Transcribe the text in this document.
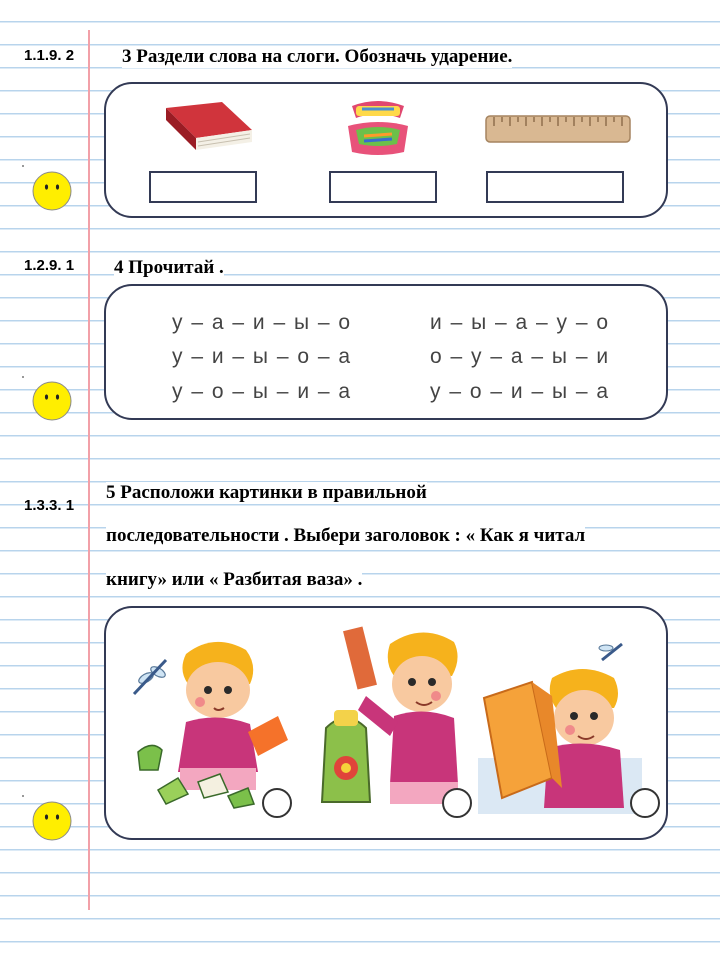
1.1.9. 2	3 Раздели слова на слоги. Обозначь ударение.
1.2.9. 1	4 Прочитай .
у – а – и – ы – о
у – и – ы – о – а
у – о – ы – и – а
и – ы – а – у – о
о – у – а – ы – и
у – о – и – ы – а
1.3.3. 1
5 Расположи картинки в правильной
последовательности . Выбери заголовок : « Как я читал
книгу» или « Разбитая ваза» .
